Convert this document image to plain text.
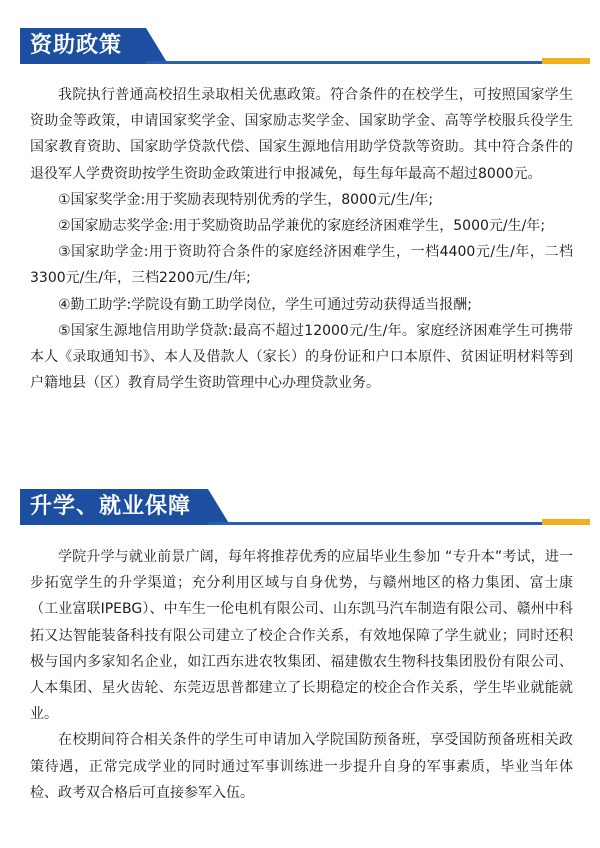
资助政策

我院执行普通高校招生录取相关优惠政策。符合条件的在校学生，可按照国家学生资助金等政策，申请国家奖学金、国家励志奖学金、国家助学金、高等学校服兵役学生国家教育资助、国家助学贷款代偿、国家生源地信用助学贷款等资助。其中符合条件的退役军人学费资助按学生资助金政策进行申报减免，每生每年最高不超过8000元。

①国家奖学金:用于奖励表现特别优秀的学生，8000元/生/年;

②国家励志奖学金:用于奖励资助品学兼优的家庭经济困难学生，5000元/生/年;

③国家助学金:用于资助符合条件的家庭经济困难学生，一档4400元/生/年，二档3300元/生/年，三档2200元/生/年;

④勤工助学:学院设有勤工助学岗位，学生可通过劳动获得适当报酬;

⑤国家生源地信用助学贷款:最高不超过12000元/生/年。家庭经济困难学生可携带本人《录取通知书》、本人及借款人（家长）的身份证和户口本原件、贫困证明材料等到户籍地县（区）教育局学生资助管理中心办理贷款业务。

升学、就业保障

学院升学与就业前景广阔，每年将推荐优秀的应届毕业生参加 “专升本”考试，进一步拓宽学生的升学渠道；充分利用区域与自身优势，与赣州地区的格力集团、富士康（工业富联IPEBG）、中车生一伦电机有限公司、山东凯马汽车制造有限公司、赣州中科拓又达智能装备科技有限公司建立了校企合作关系，有效地保障了学生就业；同时还积极与国内多家知名企业，如江西东进农牧集团、福建傲农生物科技集团股份有限公司、人本集团、星火齿轮、东莞迈思普都建立了长期稳定的校企合作关系，学生毕业就能就业。

在校期间符合相关条件的学生可申请加入学院国防预备班，享受国防预备班相关政策待遇，正常完成学业的同时通过军事训练进一步提升自身的军事素质，毕业当年体检、政考双合格后可直接参军入伍。
